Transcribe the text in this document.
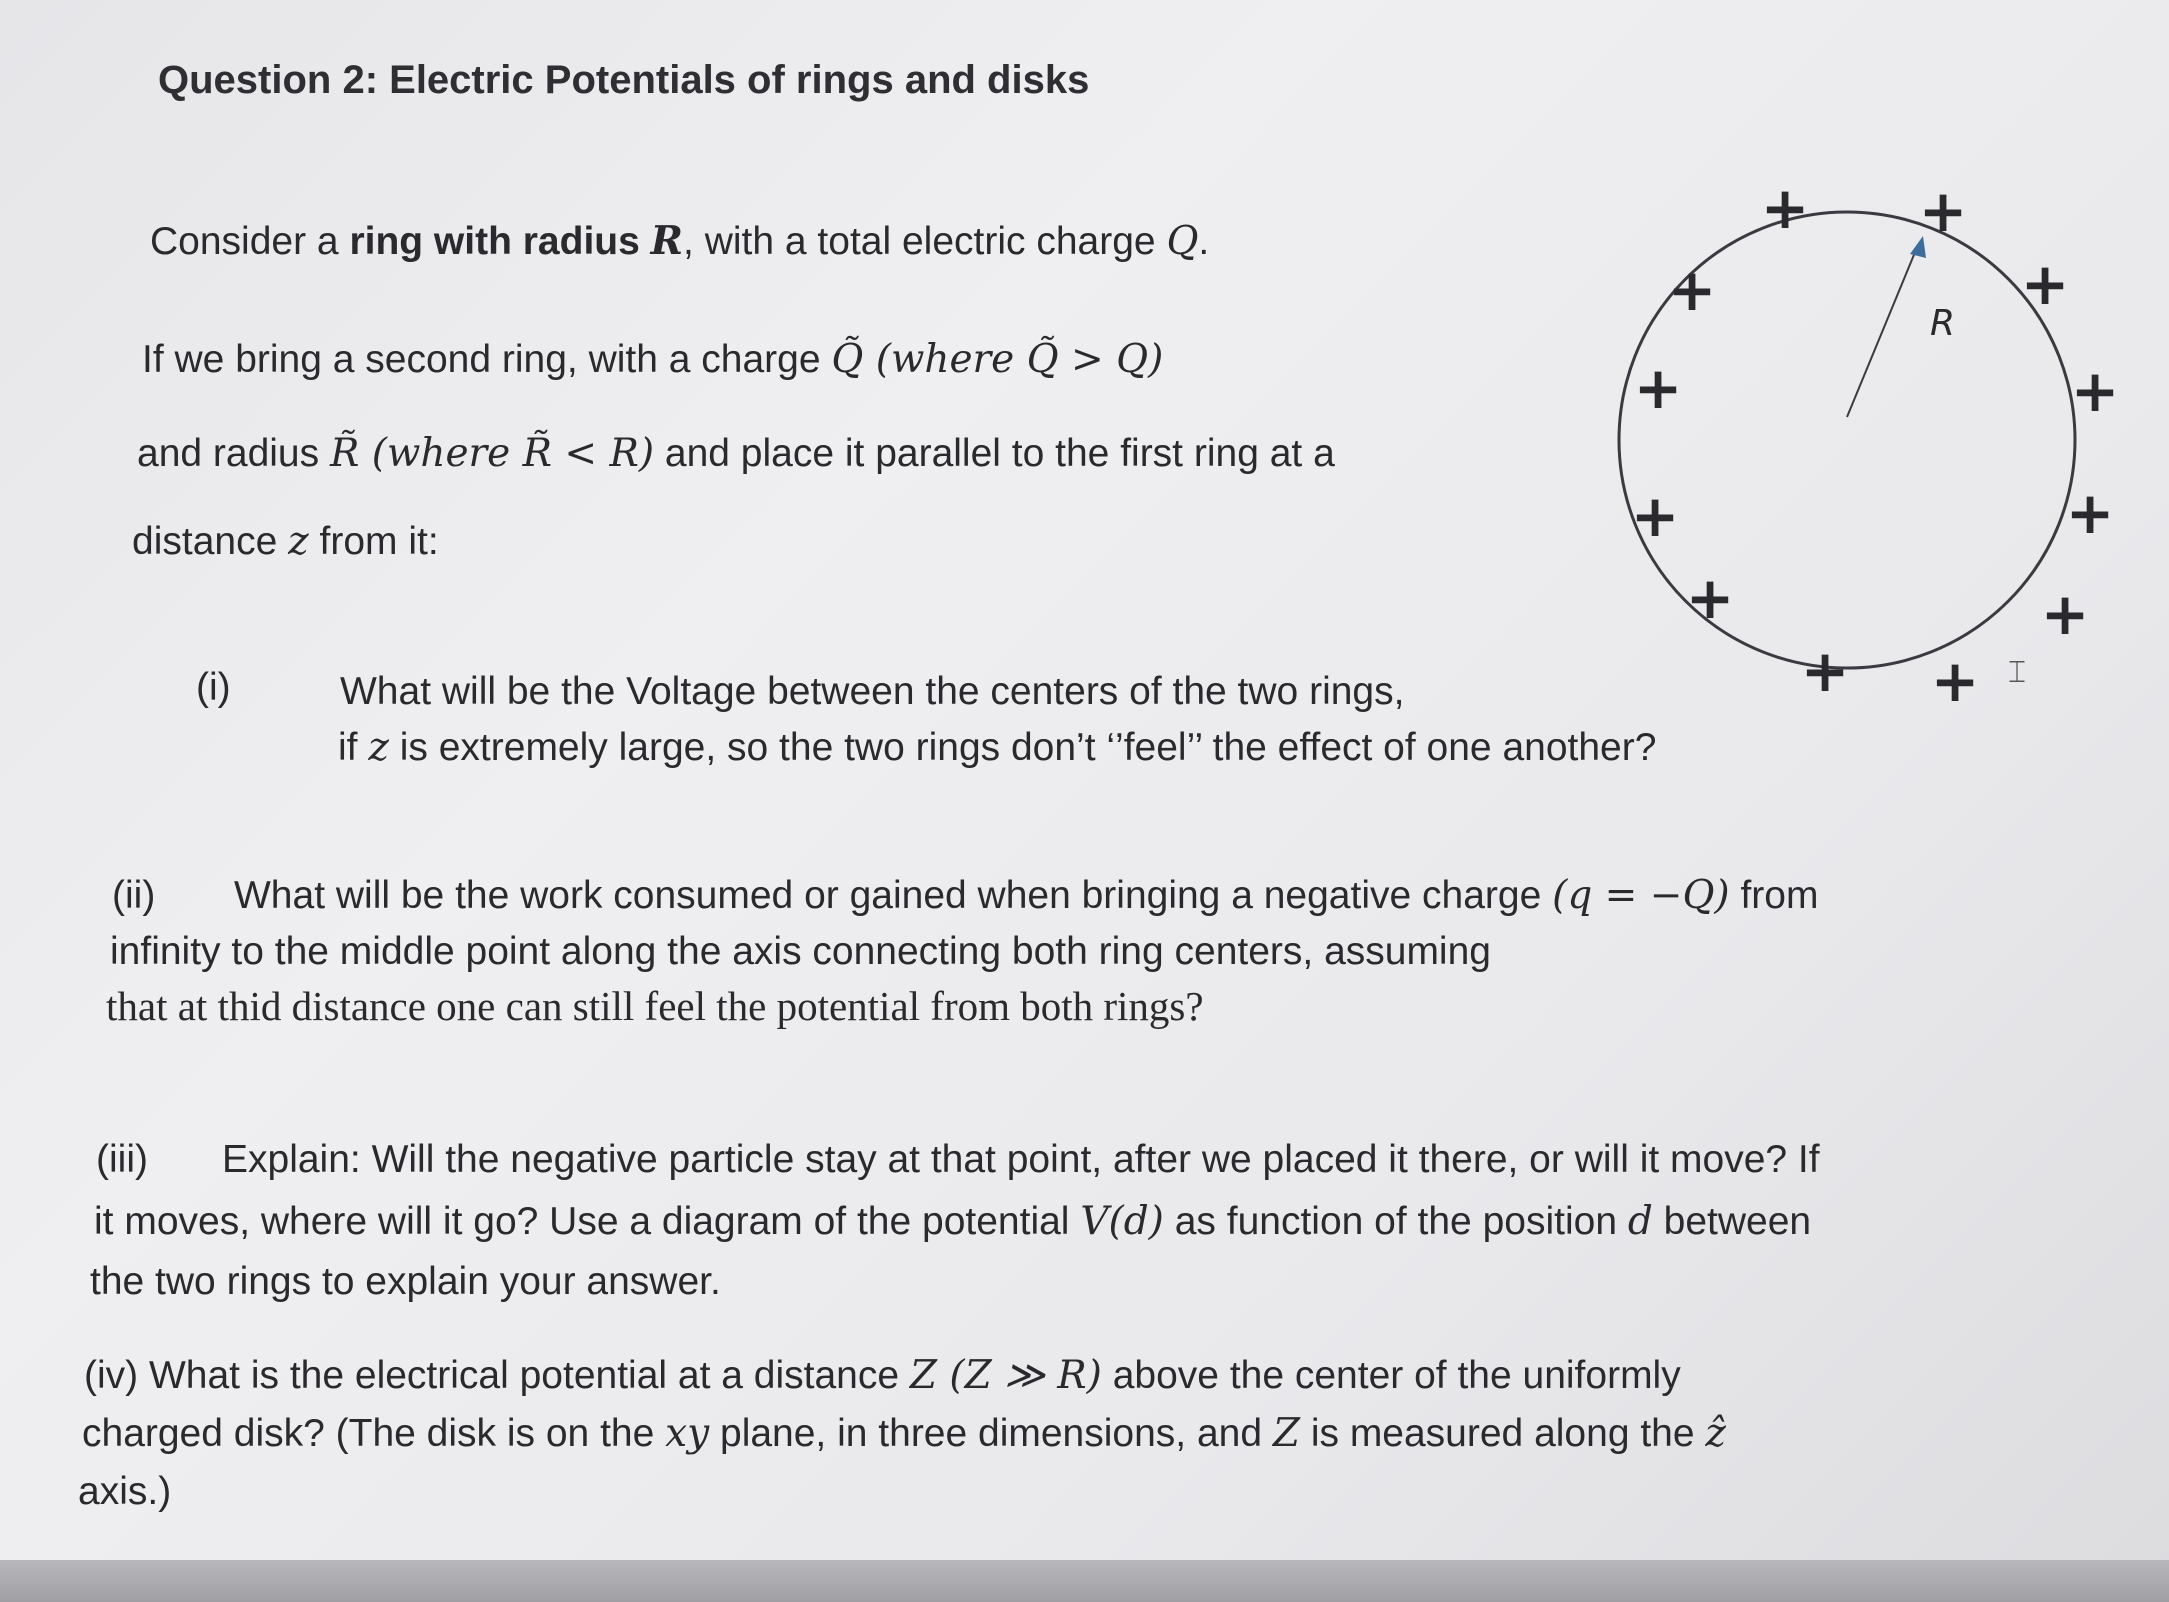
Question 2: Electric Potentials of rings and disks
Consider a ring with radius R, with a total electric charge Q.
If we bring a second ring, with a charge Q̃ (where Q̃ > Q)
and radius R̃ (where R̃ < R) and place it parallel to the first ring at a
distance z from it:
(i)	What will be the Voltage between the centers of the two rings,
if z is extremely large, so the two rings don’t ‘’feel’’ the effect of one another?
(ii) What will be the work consumed or gained when bringing a negative charge (q = −Q) from
infinity to the middle point along the axis connecting both ring centers, assuming
that at thid distance one can still feel the potential from both rings?
(iii) Explain: Will the negative particle stay at that point, after we placed it there, or will it move? If
it moves, where will it go? Use a diagram of the potential V(d) as function of the position d between
the two rings to explain your answer.
(iv) What is the electrical potential at a distance Z (Z ≫ R) above the center of the uniformly
charged disk? (The disk is on the xy plane, in three dimensions, and Z is measured along the ẑ
axis.)
R
+ +
+
+
+
+
+
+
+
+
+
+
⌶
